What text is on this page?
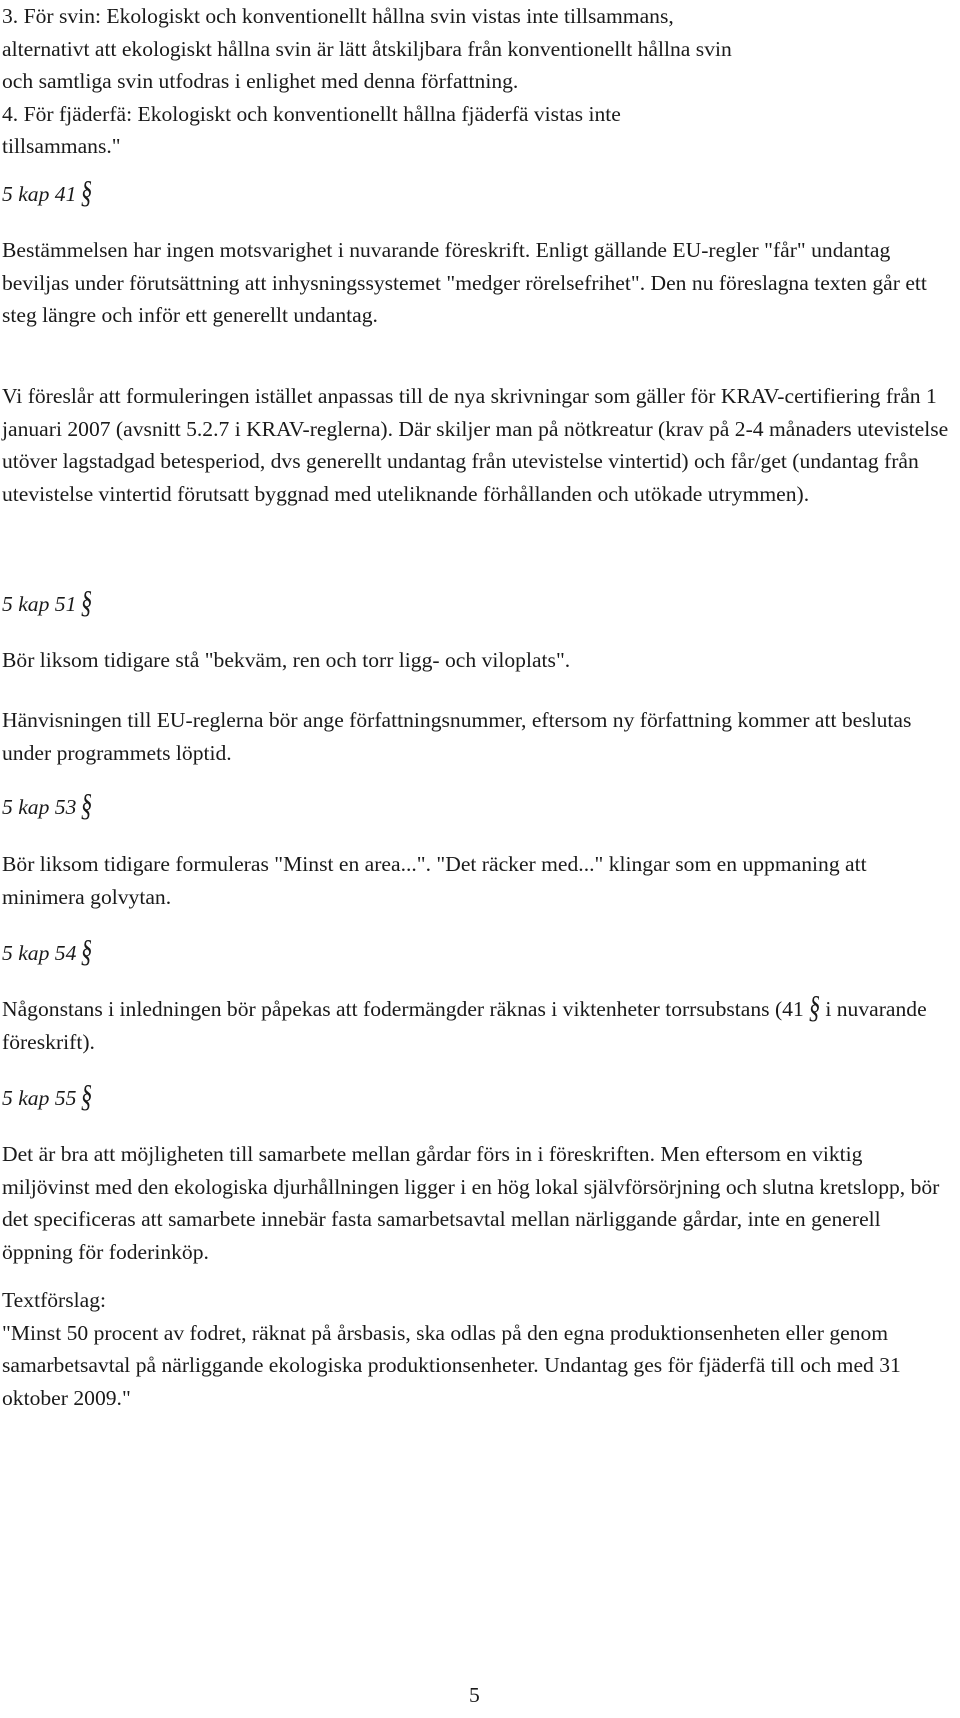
3. För svin: Ekologiskt och konventionellt hållna svin vistas inte tillsammans,
alternativt att ekologiskt hållna svin är lätt åtskiljbara från konventionellt hållna svin
och samtliga svin utfodras i enlighet med denna författning.
4. För fjäderfä: Ekologiskt och konventionellt hållna fjäderfä vistas inte
tillsammans."

5 kap 41 §

Bestämmelsen har ingen motsvarighet i nuvarande föreskrift. Enligt gällande EU-regler "får" undantag beviljas under förutsättning att inhysningssystemet "medger rörelsefrihet". Den nu föreslagna texten går ett steg längre och inför ett generellt undantag.

Vi föreslår att formuleringen istället anpassas till de nya skrivningar som gäller för KRAV-certifiering från 1 januari 2007 (avsnitt 5.2.7 i KRAV-reglerna). Där skiljer man på nötkreatur (krav på 2-4 månaders utevistelse utöver lagstadgad betesperiod, dvs generellt undantag från utevistelse vintertid) och får/get (undantag från utevistelse vintertid förutsatt byggnad med uteliknande förhållanden och utökade utrymmen).

5 kap 51 §

Bör liksom tidigare stå "bekväm, ren och torr ligg- och viloplats".

Hänvisningen till EU-reglerna bör ange författningsnummer, eftersom ny författning kommer att beslutas under programmets löptid.

5 kap 53 §

Bör liksom tidigare formuleras "Minst en area...". "Det räcker med..." klingar som en uppmaning att minimera golvytan.

5 kap 54 §

Någonstans i inledningen bör påpekas att fodermängder räknas i viktenheter torrsubstans (41 § i nuvarande föreskrift).

5 kap 55 §

Det är bra att möjligheten till samarbete mellan gårdar förs in i föreskriften. Men eftersom en viktig miljövinst med den ekologiska djurhållningen ligger i en hög lokal självförsörjning och slutna kretslopp, bör det specificeras att samarbete innebär fasta samarbetsavtal mellan närliggande gårdar, inte en generell öppning för foderinköp.

Textförslag:
"Minst 50 procent av fodret, räknat på årsbasis, ska odlas på den egna produktionsenheten eller genom samarbetsavtal på närliggande ekologiska produktionsenheter. Undantag ges för fjäderfä till och med 31 oktober 2009."

5
